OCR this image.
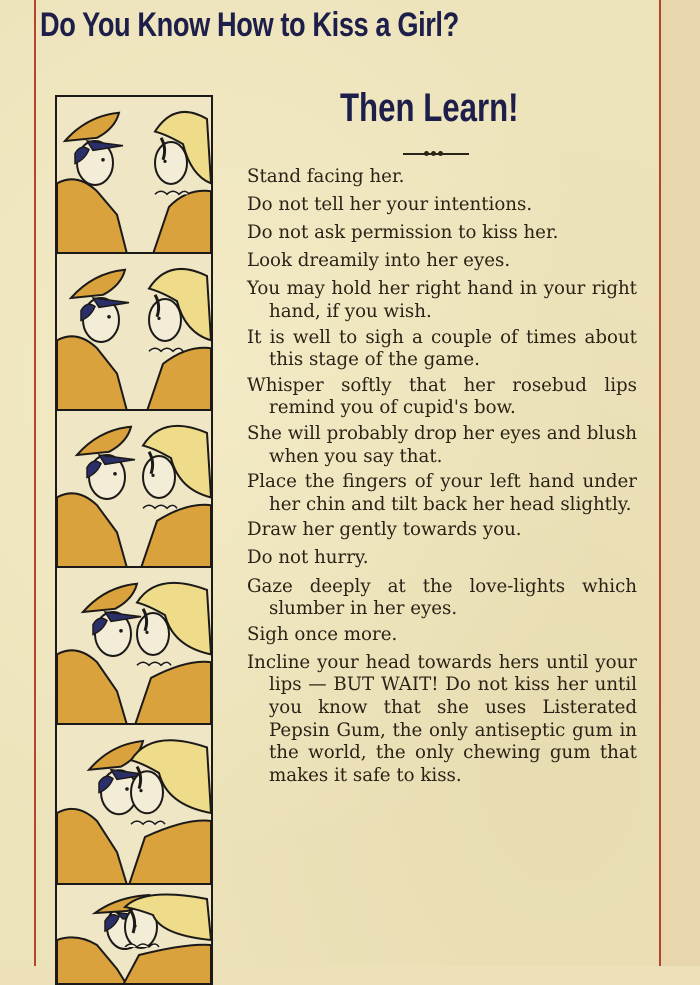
Do You Know How to Kiss a Girl?
Then Learn!

Stand facing her.

Do not tell her your intentions.

Do not ask permission to kiss her.

Look dreamily into her eyes.

You may hold her right hand in your right hand, if you wish.

It is well to sigh a couple of times about this stage of the game.

Whisper softly that her rosebud lips remind you of cupid's bow.

She will probably drop her eyes and blush when you say that.

Place the fingers of your left hand under her chin and tilt back her head slightly.

Draw her gently towards you.

Do not hurry.

Gaze deeply at the love-lights which slumber in her eyes.

Sigh once more.

Incline your head towards hers until your lips — BUT WAIT! Do not kiss her until you know that she uses Listerated Pepsin Gum, the only antiseptic gum in the world, the only chewing gum that makes it safe to kiss.
